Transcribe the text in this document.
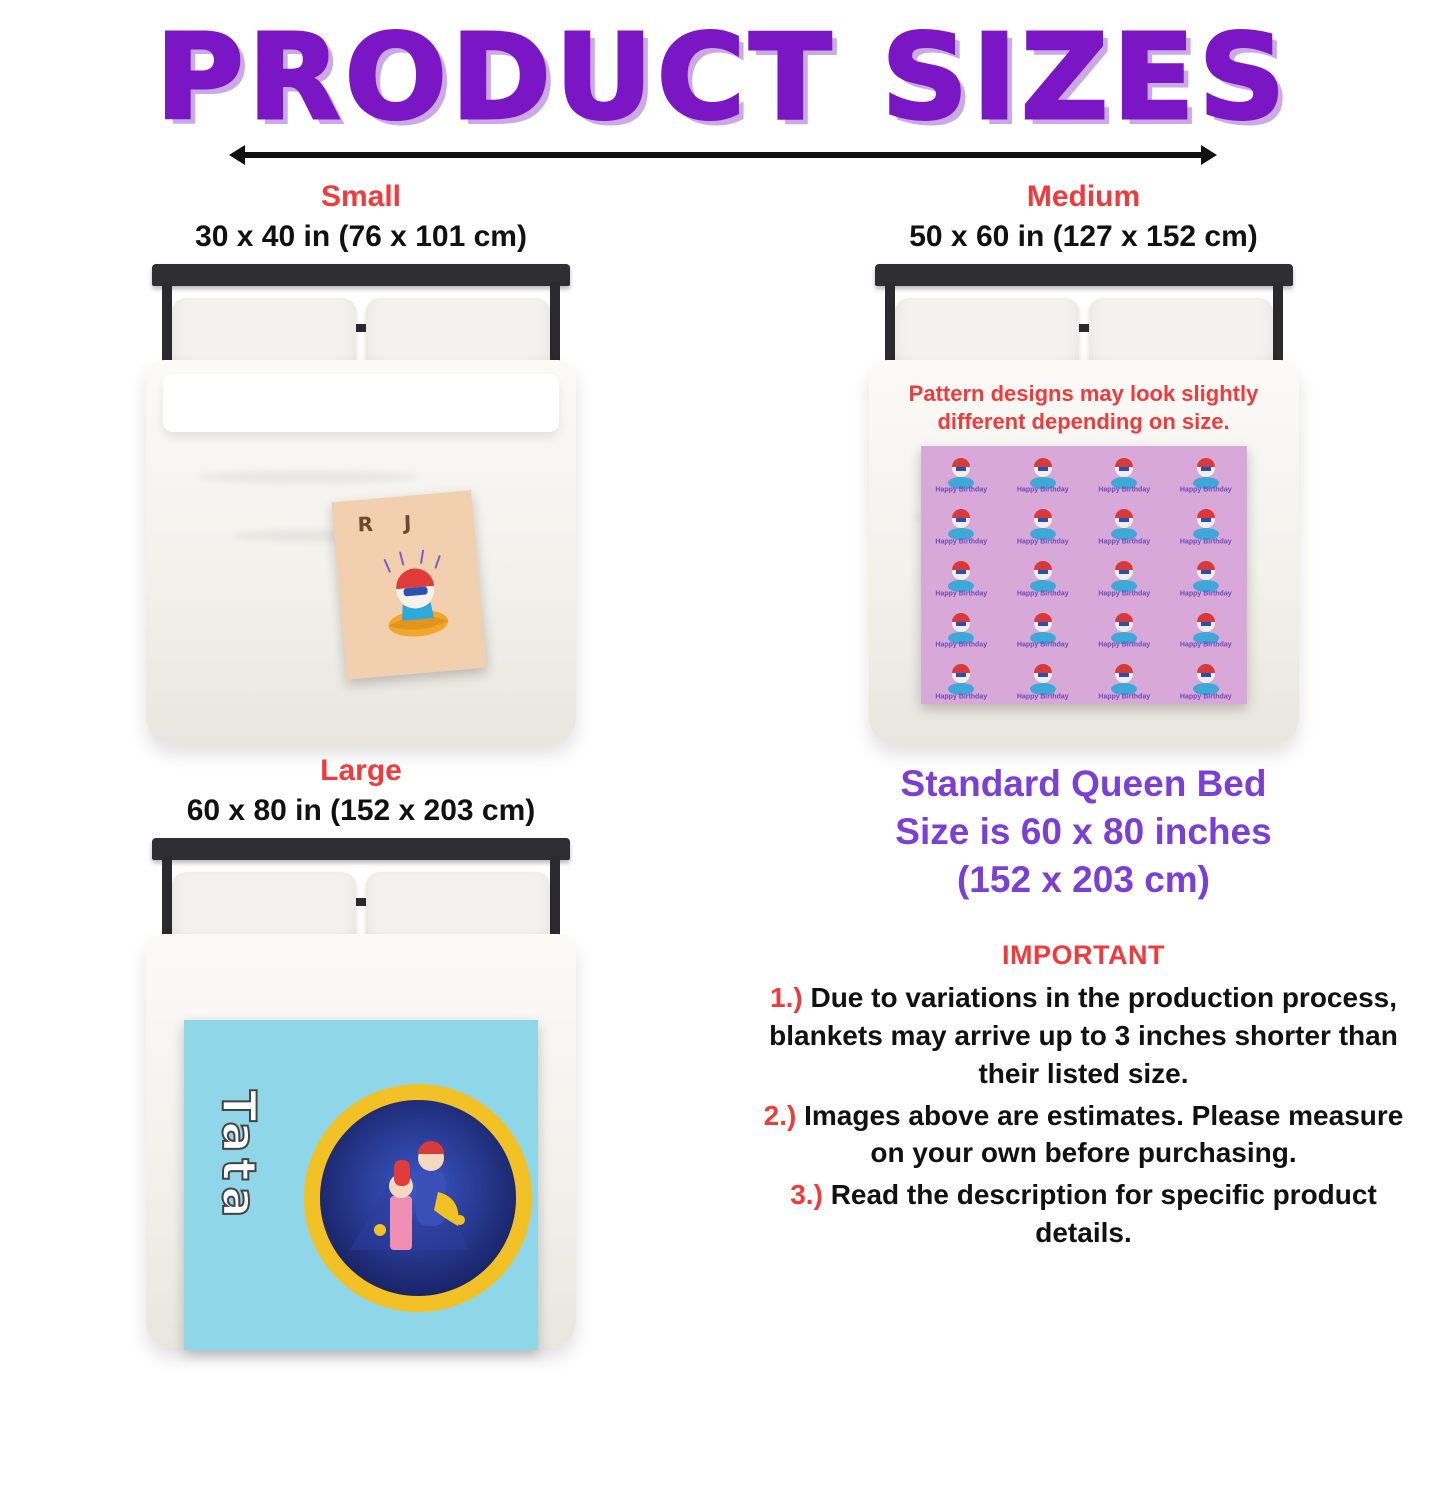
PRODUCT SIZES
Small
30 x 40 in (76 x 101 cm)
R J
Medium
50 x 60 in (127 x 152 cm)
Pattern designs may look slightly different depending on size.
Happy Birthday	Happy Birthday	Happy Birthday	Happy Birthday
Happy Birthday	Happy Birthday	Happy Birthday	Happy Birthday
Happy Birthday	Happy Birthday	Happy Birthday	Happy Birthday
Happy Birthday	Happy Birthday	Happy Birthday	Happy Birthday
Happy Birthday	Happy Birthday	Happy Birthday	Happy Birthday
Large
60 x 80 in (152 x 203 cm)
Tata
Standard Queen Bed
Size is 60 x 80 inches
(152 x 203 cm)
IMPORTANT
1.) Due to variations in the production process, blankets may arrive up to 3 inches shorter than their listed size.
2.) Images above are estimates. Please measure on your own before purchasing.
3.) Read the description for specific product details.
